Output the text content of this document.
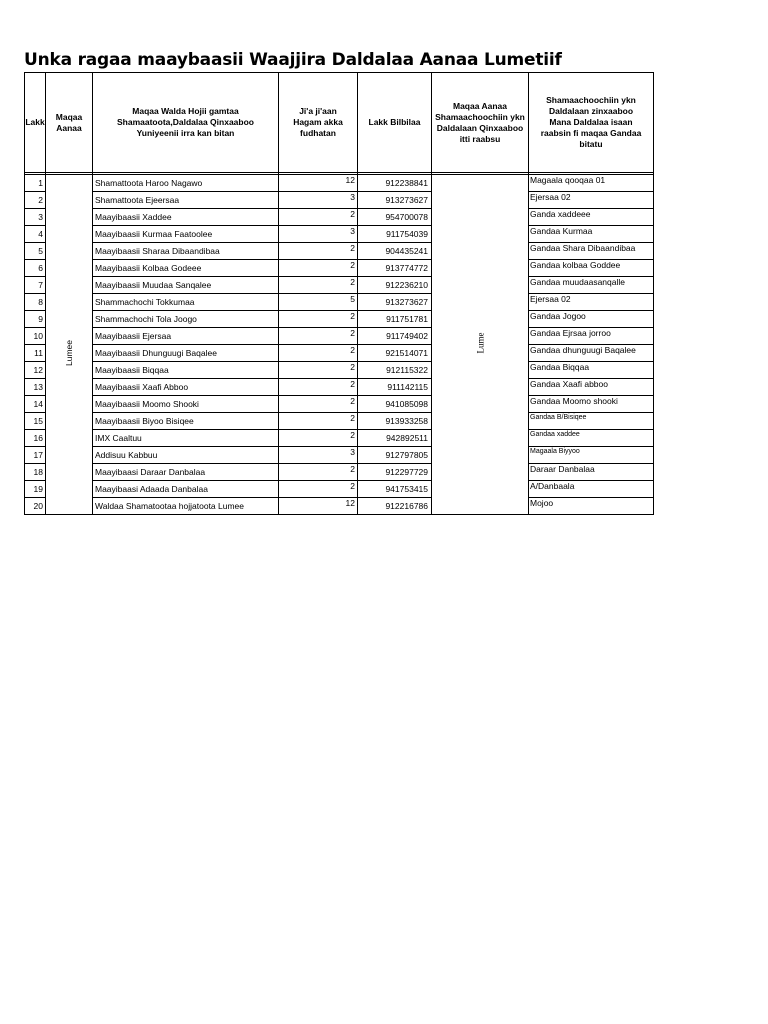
Unka ragaa maaybaasii Waajjira Daldalaa Aanaa Lumetiif
Lakk	Maqaa Aanaa	Maqaa Walda Hojii gamtaa Shamaatoota,Daldalaa Qinxaaboo Yuniyeenii irra kan bitan	Ji'a ji'aan Hagam akka fudhatan	Lakk Bilbilaa	Maqaa Aanaa Shamaachoochiin ykn Daldalaan Qinxaaboo itti raabsu	Shamaachoochiin ykn Daldalaan zinxaaboo Mana Daldalaa isaan raabsin fi maqaa Gandaa bitatu

1	Lumee	Shamattoota Haroo Nagawo	12	912238841	Lume	Magaala qooqaa 01
2		Shamattoota Ejeersaa	3	913273627		Ejersaa 02
3		Maayibaasii Xaddee	2	954700078		Ganda xaddeee
4		Maayibaasii Kurmaa Faatoolee	3	911754039		Gandaa Kurmaa
5		Maayibaasii Sharaa Dibaandibaa	2	904435241		Gandaa Shara Dibaandibaa
6		Maayibaasii Kolbaa Godeee	2	913774772		Gandaa kolbaa Goddee
7		Maayibaasii Muudaa Sanqalee	2	912236210		Gandaa muudaasanqalle
8		Shammachochi Tokkumaa	5	913273627		Ejersaa 02
9		Shammachochi Tola Joogo	2	911751781		Gandaa Jogoo
10		Maayibaasii Ejersaa	2	911749402		Gandaa Ejrsaa jorroo
11		Maayibaasii Dhunguugi Baqalee	2	921514071		Gandaa dhunguugi Baqalee
12		Maayibaasii Biqqaa	2	912115322		Gandaa Biqqaa
13		Maayibaasii Xaafi Abboo	2	911142115		Gandaa Xaafi abboo
14		Maayibaasii Moomo Shooki	2	941085098		Gandaa Moomo shooki
15		Maayibaasii Biyoo Bisiqee	2	913933258		Gandaa B/Bisiqee
16		IMX Caaltuu	2	942892511		Gandaa xaddee
17		Addisuu Kabbuu	3	912797805		Magaala Biyyoo
18		Maayibaasi Daraar Danbalaa	2	912297729		Daraar Danbalaa
19		Maayibaasi Adaada Danbalaa	2	941753415		A/Danbaala
20		Waldaa Shamatootaa hojjatoota Lumee	12	912216786		Mojoo
